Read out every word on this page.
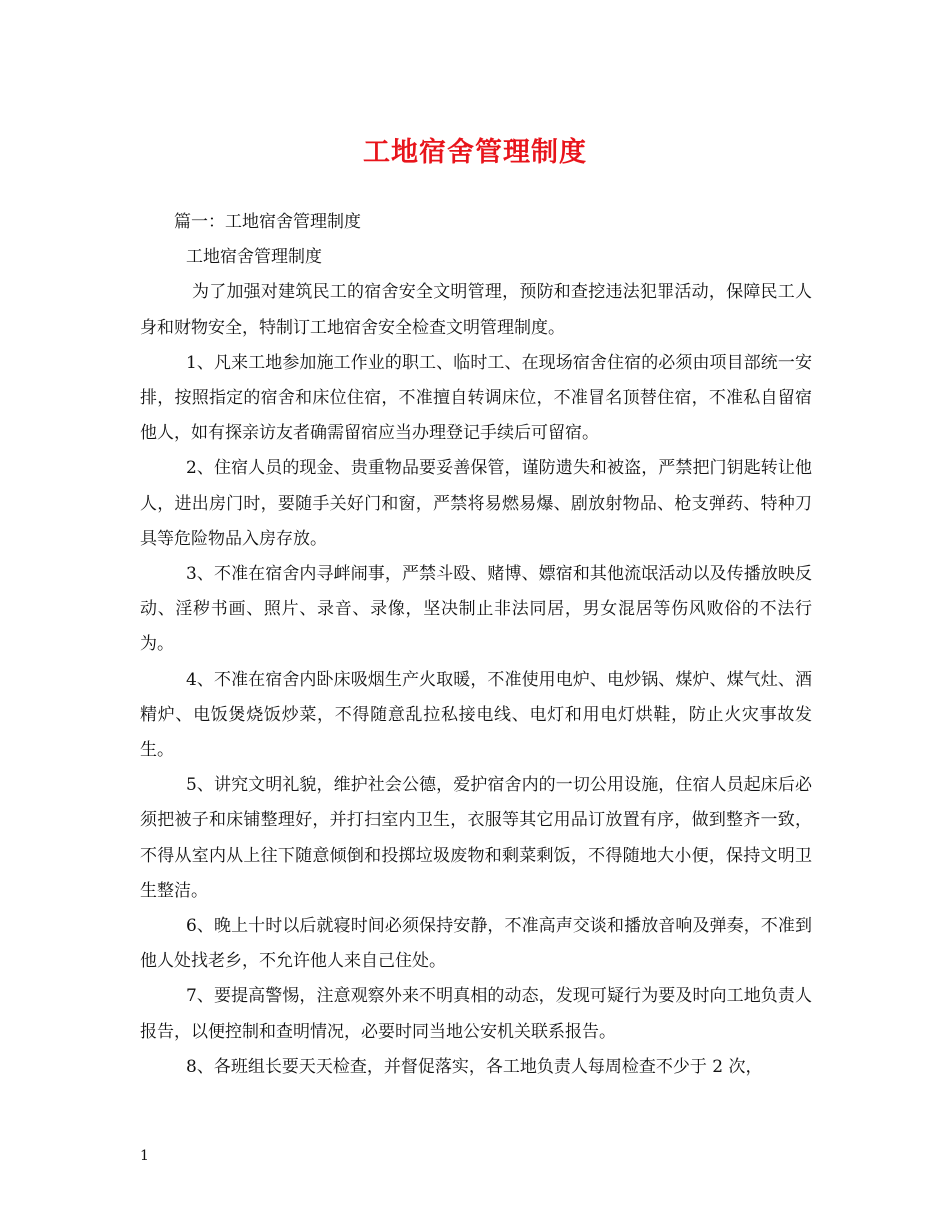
工地宿舍管理制度
篇一：工地宿舍管理制度
工地宿舍管理制度

为了加强对建筑民工的宿舍安全文明管理，预防和查挖违法犯罪活动，保障民工人身和财物安全，特制订工地宿舍安全检查文明管理制度。

1、凡来工地参加施工作业的职工、临时工、在现场宿舍住宿的必须由项目部统一安排，按照指定的宿舍和床位住宿，不准擅自转调床位，不准冒名顶替住宿，不准私自留宿他人，如有探亲访友者确需留宿应当办理登记手续后可留宿。

2、住宿人员的现金、贵重物品要妥善保管，谨防遗失和被盗，严禁把门钥匙转让他人，进出房门时，要随手关好门和窗，严禁将易燃易爆、剧放射物品、枪支弹药、特种刀具等危险物品入房存放。

3、不准在宿舍内寻衅闹事，严禁斗殴、赌博、嫖宿和其他流氓活动以及传播放映反动、淫秽书画、照片、录音、录像，坚决制止非法同居，男女混居等伤风败俗的不法行为。

4、不准在宿舍内卧床吸烟生产火取暖，不准使用电炉、电炒锅、煤炉、煤气灶、酒精炉、电饭煲烧饭炒菜，不得随意乱拉私接电线、电灯和用电灯烘鞋，防止火灾事故发生。

5、讲究文明礼貌，维护社会公德，爱护宿舍内的一切公用设施，住宿人员起床后必须把被子和床铺整理好，并打扫室内卫生，衣服等其它用品订放置有序，做到整齐一致，不得从室内从上往下随意倾倒和投掷垃圾废物和剩菜剩饭，不得随地大小便，保持文明卫生整洁。

6、晚上十时以后就寝时间必须保持安静，不准高声交谈和播放音响及弹奏，不准到他人处找老乡，不允许他人来自己住处。

7、要提高警惕，注意观察外来不明真相的动态，发现可疑行为要及时向工地负责人报告，以便控制和查明情况，必要时同当地公安机关联系报告。

8、各班组长要天天检查，并督促落实，各工地负责人每周检查不少于 2 次，

1
